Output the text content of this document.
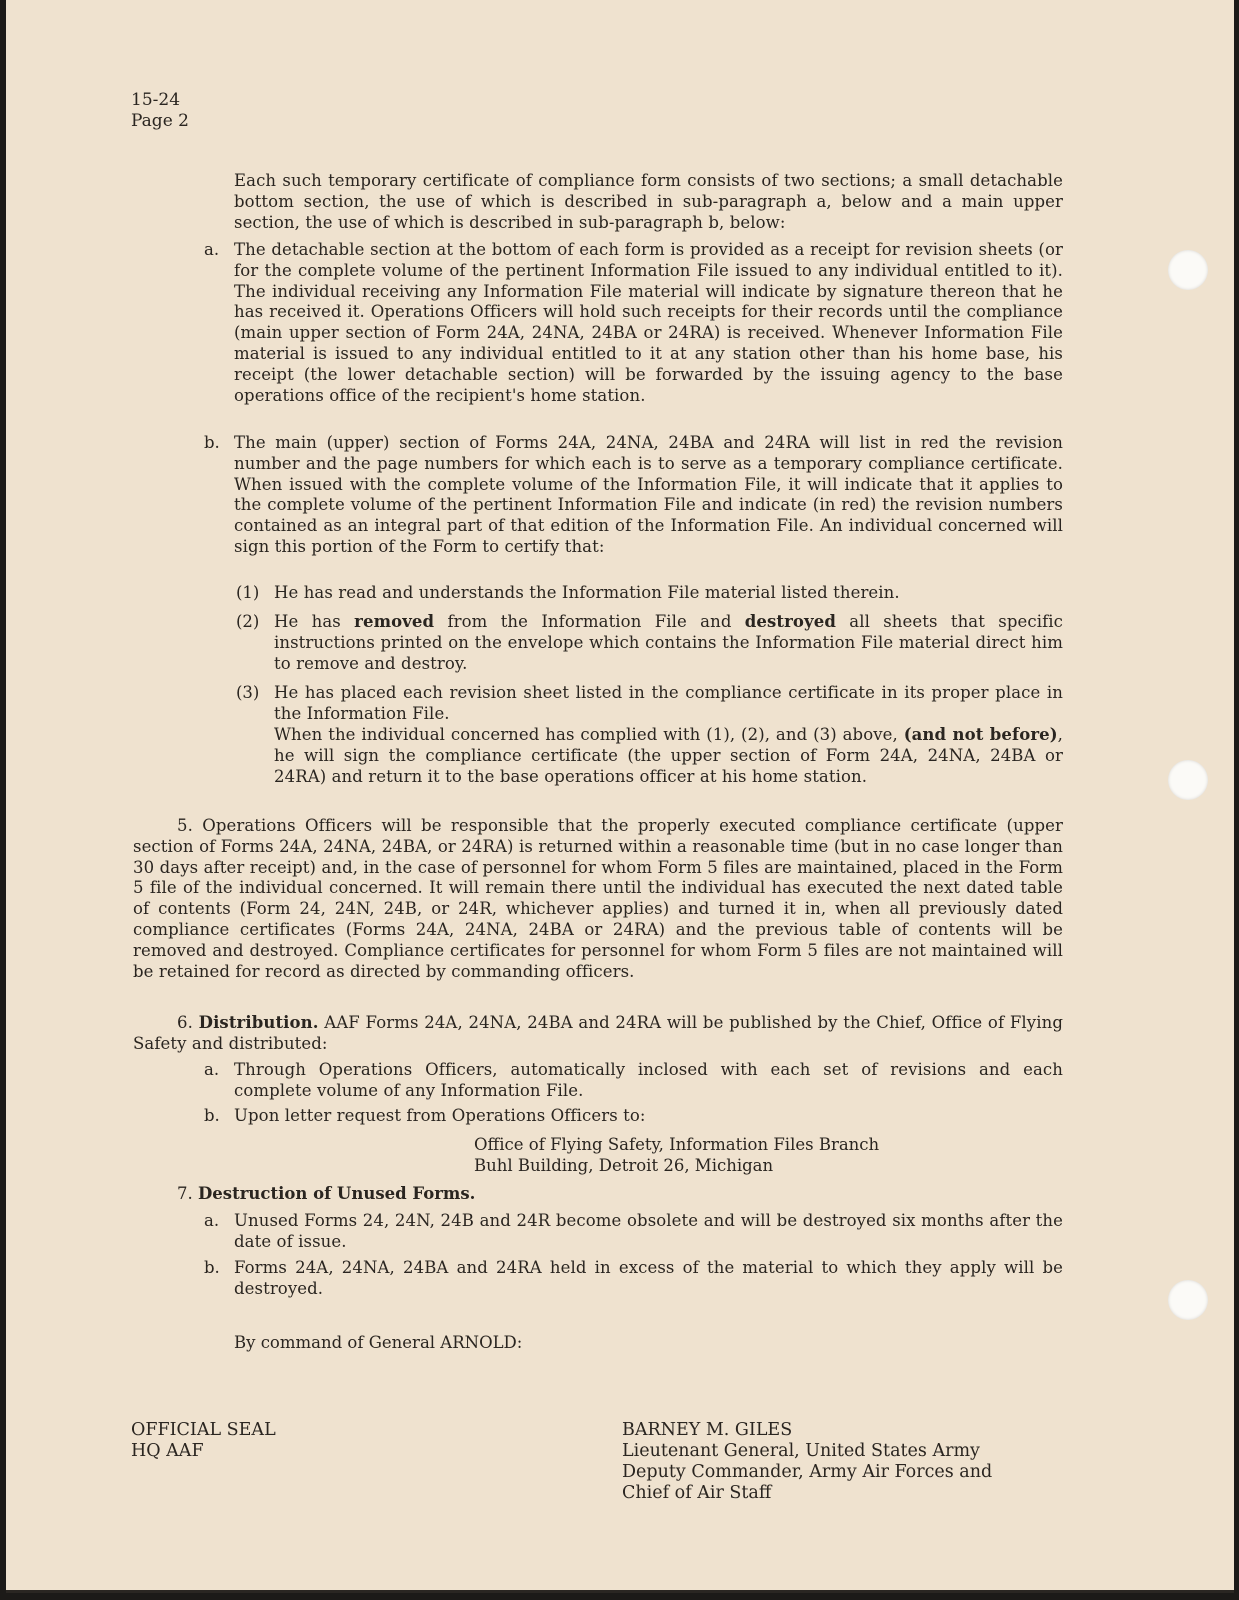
15-24
Page 2

Each such temporary certificate of compliance form consists of two sections; a small detachable bottom section, the use of which is described in sub-paragraph a, below and a main upper section, the use of which is described in sub-paragraph b, below:

a. The detachable section at the bottom of each form is provided as a receipt for revision sheets (or for the complete volume of the pertinent Information File issued to any individual entitled to it). The individual receiving any Information File material will indicate by signature thereon that he has received it. Operations Officers will hold such receipts for their records until the compliance (main upper section of Form 24A, 24NA, 24BA or 24RA) is received. Whenever Information File material is issued to any individual entitled to it at any station other than his home base, his receipt (the lower detachable section) will be forwarded by the issuing agency to the base operations office of the recipient's home station.

b. The main (upper) section of Forms 24A, 24NA, 24BA and 24RA will list in red the revision number and the page numbers for which each is to serve as a temporary compliance certificate. When issued with the complete volume of the Information File, it will indicate that it applies to the complete volume of the pertinent Information File and indicate (in red) the revision numbers contained as an integral part of that edition of the Information File. An individual concerned will sign this portion of the Form to certify that:

(1) He has read and understands the Information File material listed therein.

(2) He has removed from the Information File and destroyed all sheets that specific instructions printed on the envelope which contains the Information File material direct him to remove and destroy.

(3) He has placed each revision sheet listed in the compliance certificate in its proper place in the Information File.

When the individual concerned has complied with (1), (2), and (3) above, (and not before), he will sign the compliance certificate (the upper section of Form 24A, 24NA, 24BA or 24RA) and return it to the base operations officer at his home station.

5. Operations Officers will be responsible that the properly executed compliance certificate (upper section of Forms 24A, 24NA, 24BA, or 24RA) is returned within a reasonable time (but in no case longer than 30 days after receipt) and, in the case of personnel for whom Form 5 files are maintained, placed in the Form 5 file of the individual concerned. It will remain there until the individual has executed the next dated table of contents (Form 24, 24N, 24B, or 24R, whichever applies) and turned it in, when all previously dated compliance certificates (Forms 24A, 24NA, 24BA or 24RA) and the previous table of contents will be removed and destroyed. Compliance certificates for personnel for whom Form 5 files are not maintained will be retained for record as directed by commanding officers.

6. Distribution. AAF Forms 24A, 24NA, 24BA and 24RA will be published by the Chief, Office of Flying Safety and distributed:

a. Through Operations Officers, automatically inclosed with each set of revisions and each complete volume of any Information File.

b. Upon letter request from Operations Officers to:

Office of Flying Safety, Information Files Branch

Buhl Building, Detroit 26, Michigan

7. Destruction of Unused Forms.

a. Unused Forms 24, 24N, 24B and 24R become obsolete and will be destroyed six months after the date of issue.

b. Forms 24A, 24NA, 24BA and 24RA held in excess of the material to which they apply will be destroyed.

By command of General ARNOLD:

OFFICIAL SEAL

HQ AAF

BARNEY M. GILES

Lieutenant General, United States Army

Deputy Commander, Army Air Forces and

Chief of Air Staff
